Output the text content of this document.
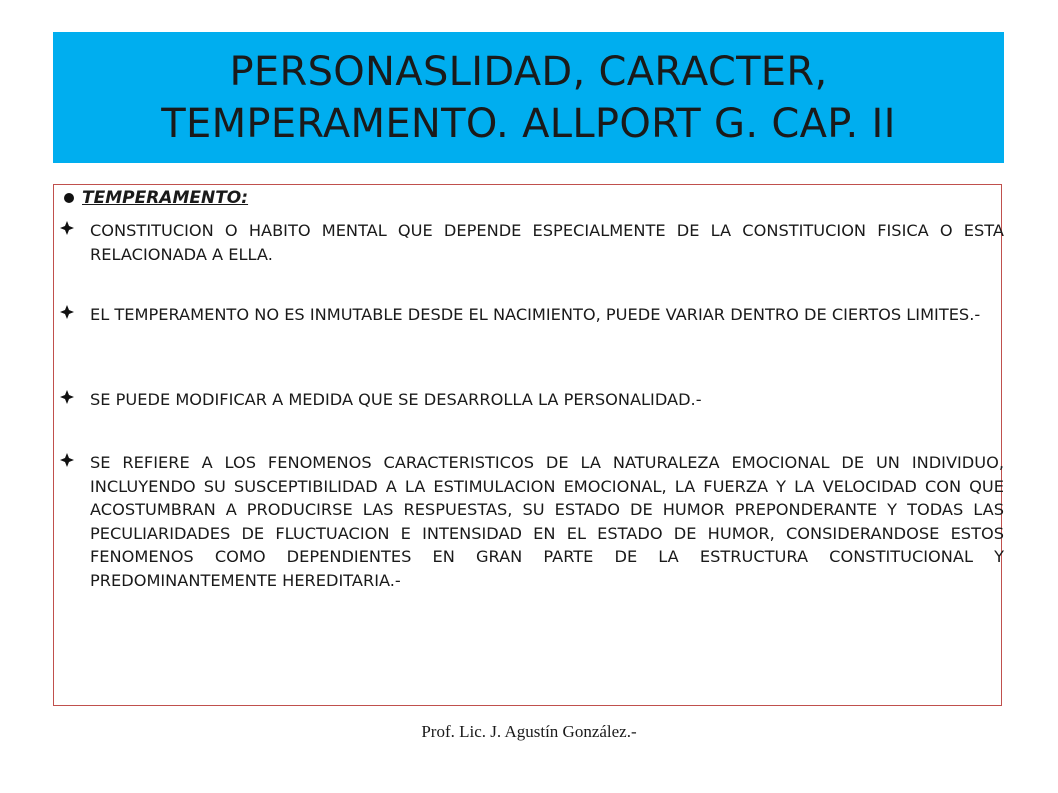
PERSONASLIDAD, CARACTER,
TEMPERAMENTO. ALLPORT G. CAP. II
TEMPERAMENTO:
CONSTITUCION O HABITO MENTAL QUE DEPENDE ESPECIALMENTE DE LA CONSTITUCION FISICA O ESTA RELACIONADA A ELLA.
EL TEMPERAMENTO NO ES INMUTABLE DESDE EL NACIMIENTO, PUEDE VARIAR DENTRO DE CIERTOS LIMITES.-
SE PUEDE MODIFICAR A MEDIDA QUE SE DESARROLLA LA PERSONALIDAD.-
SE REFIERE A LOS FENOMENOS CARACTERISTICOS DE LA NATURALEZA EMOCIONAL DE UN INDIVIDUO, INCLUYENDO SU SUSCEPTIBILIDAD A LA ESTIMULACION EMOCIONAL, LA FUERZA Y LA VELOCIDAD CON QUE ACOSTUMBRAN A PRODUCIRSE LAS RESPUESTAS, SU ESTADO DE HUMOR PREPONDERANTE Y TODAS LAS PECULIARIDADES DE FLUCTUACION E INTENSIDAD EN EL ESTADO DE HUMOR, CONSIDERANDOSE ESTOS FENOMENOS COMO DEPENDIENTES EN GRAN PARTE DE LA ESTRUCTURA CONSTITUCIONAL Y PREDOMINANTEMENTE HEREDITARIA.-
Prof. Lic. J. Agustín González.-
